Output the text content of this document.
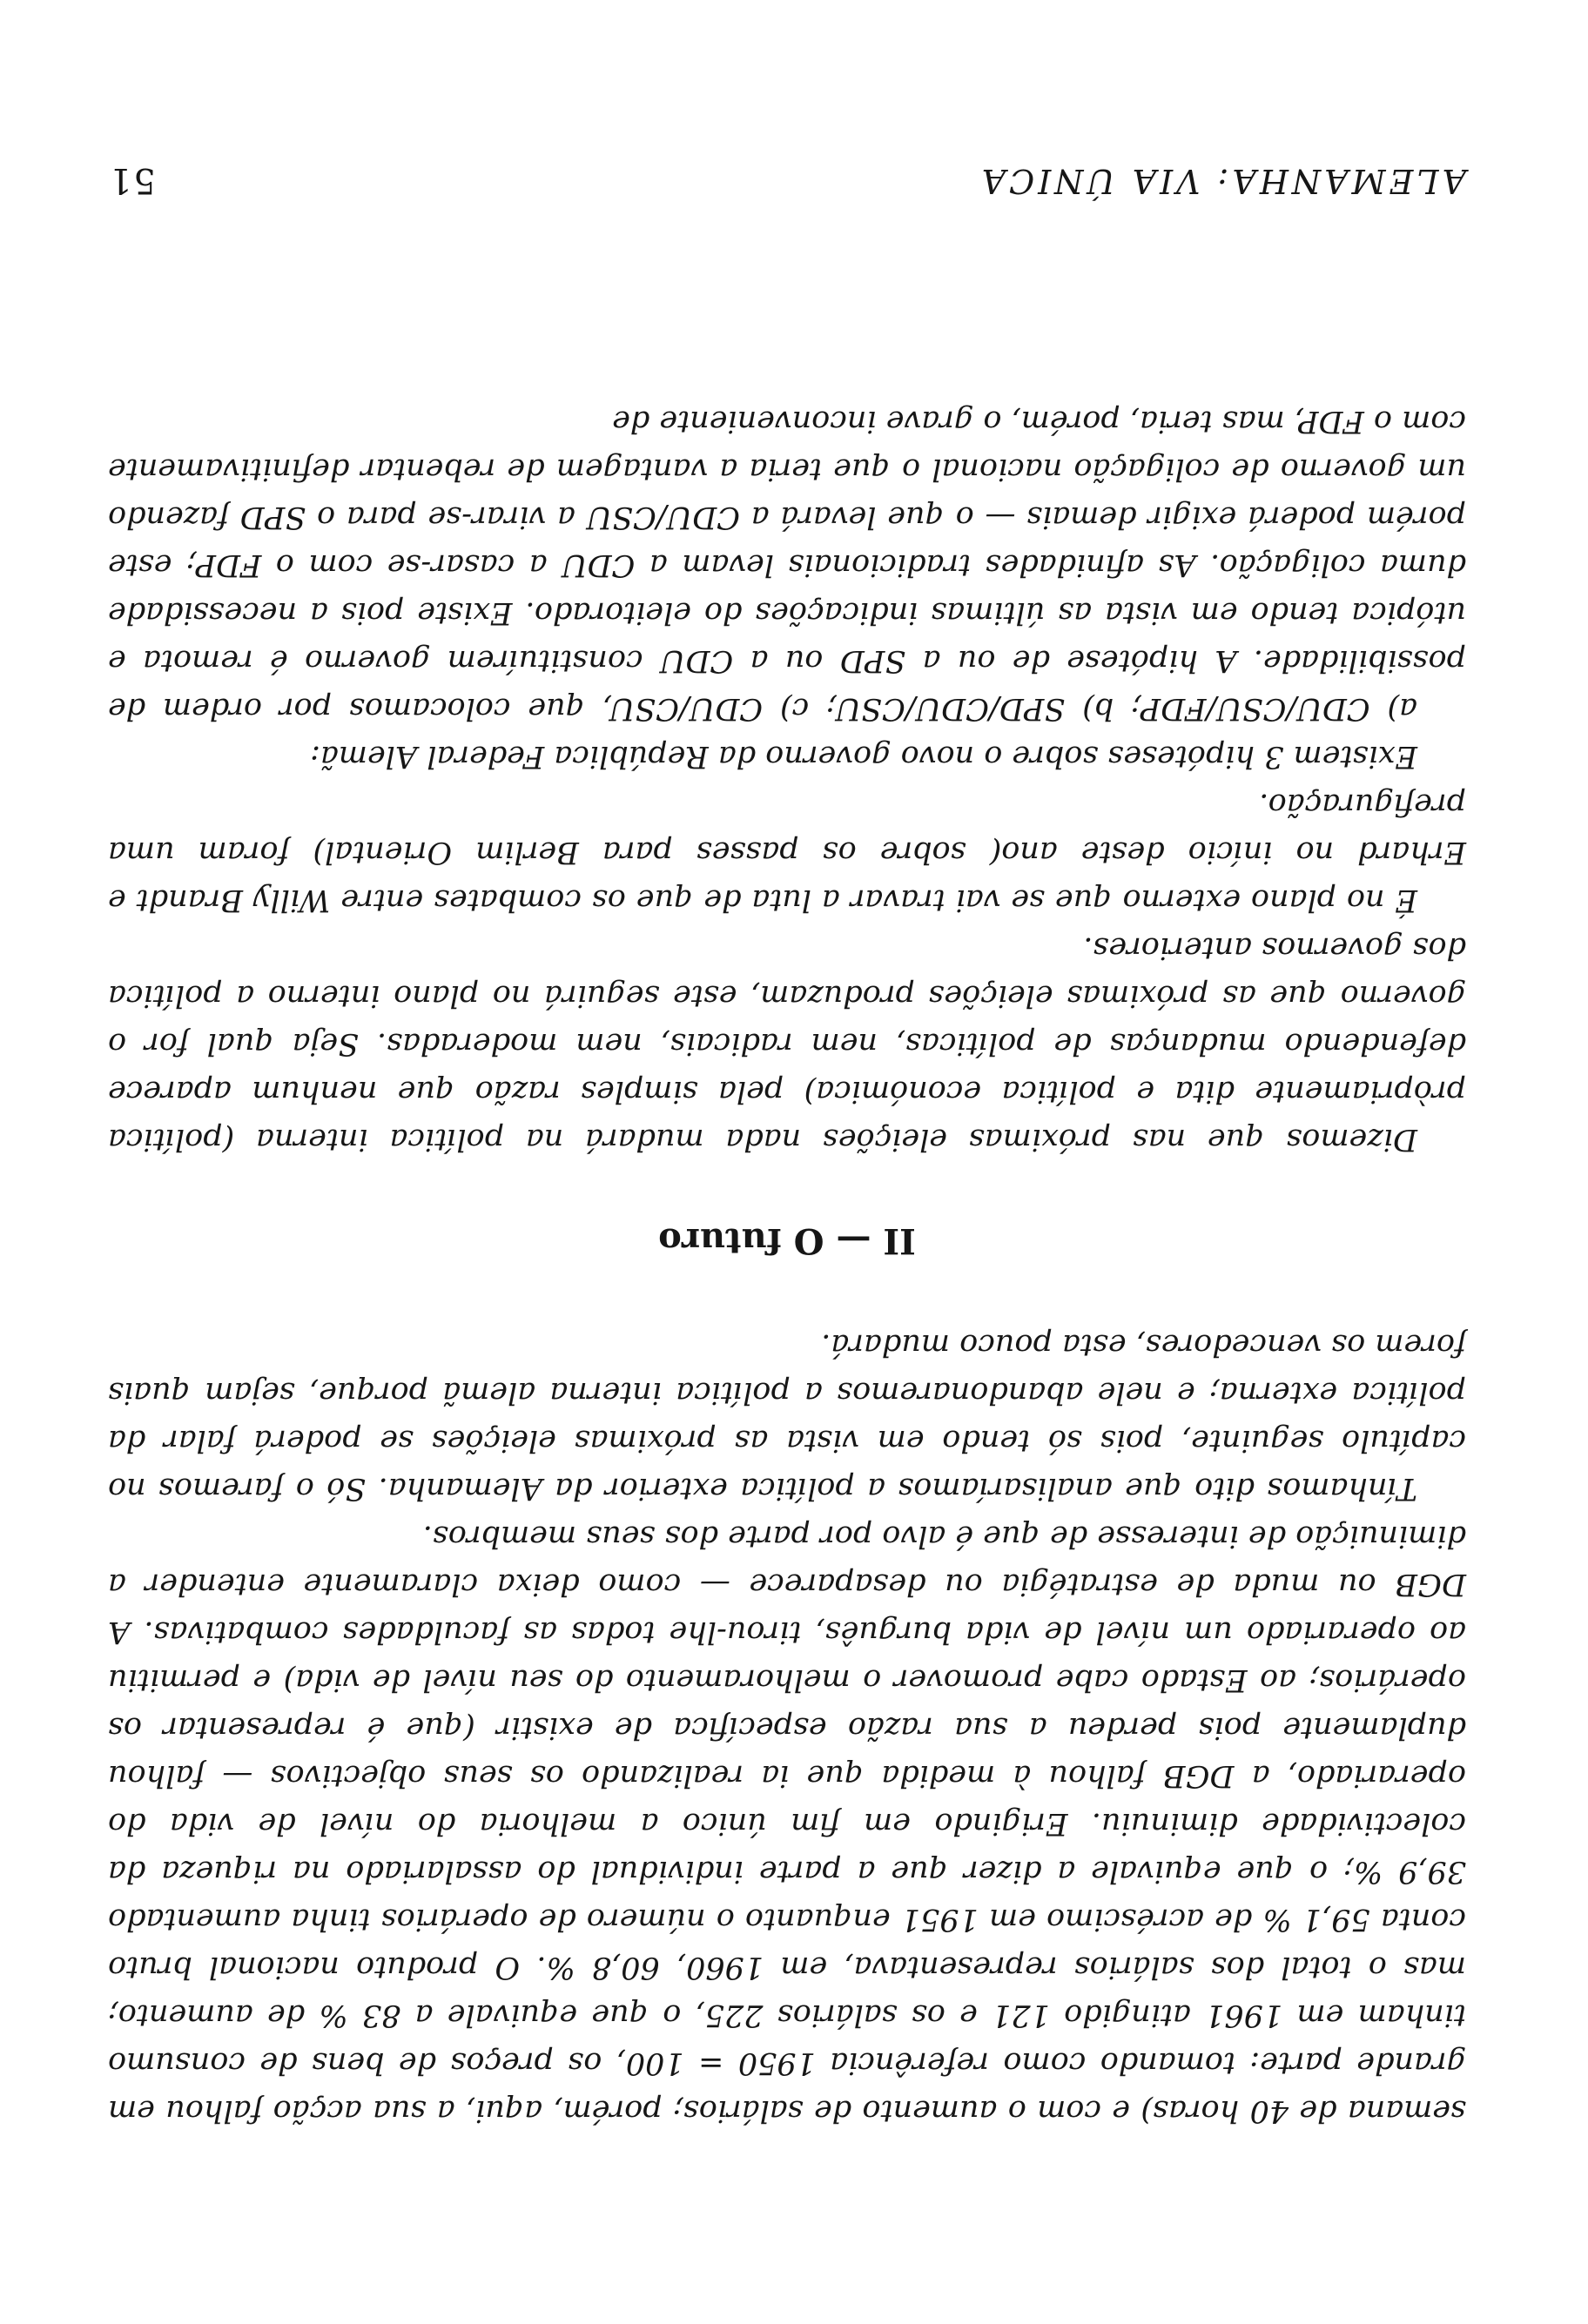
ALEMANHA: VIA ÚNICA
51

semana de 40 horas) e com o aumento de salários; porém, aqui, a sua acção falhou em grande parte: tomando como referência 1950 = 100, os preços de bens de consumo tinham em 1961 atingido 121 e os salários 225, o que equivale a 83 % de aumento; mas o total dos salários representava, em 1960, 60,8 %. O produto nacional bruto conta 59,1 % de acréscimo em 1951 enquanto o número de operários tinha aumentado 39,9 %; o que equivale a dizer que a parte individual do assalariado na riqueza da colectividade diminuiu. Erigindo em fim único a melhoria do nível de vida do operariado, a DGB falhou à medida que ia realizando os seus objectivos — falhou duplamente pois perdeu a sua razão específica de existir (que é representar os operários; ao Estado cabe promover o melhoramento do seu nível de vida) e permitiu ao operariado um nível de vida burguês, tirou-lhe todas as faculdades combativas. A DGB ou muda de estratégia ou desaparece — como deixa claramente entender a diminuição de interesse de que é alvo por parte dos seus membros.

Tínhamos dito que analisaríamos a política exterior da Alemanha. Só o faremos no capítulo seguinte, pois só tendo em vista as próximas eleições se poderá falar da política externa; e nele abandonaremos a política interna alemã porque, sejam quais forem os vencedores, esta pouco mudará.

II — O futuro

Dizemos que nas próximas eleições nada mudará na política interna (política pròpriamente dita e política económica) pela simples razão que nenhum aparece defendendo mudanças de políticas, nem radicais, nem moderadas. Seja qual for o governo que as próximas eleições produzam, este seguirá no plano interno a política dos governos anteriores.

É no plano externo que se vai travar a luta de que os combates entre Willy Brandt e Erhard no início deste ano( sobre os passes para Berlim Oriental) foram uma prefiguração.

Existem 3 hipóteses sobre o novo governo da República Federal Alemã:

a) CDU/CSU/FDP; b) SPD/CDU/CSU; c) CDU/CSU, que colocamos por ordem de possibilidade. A hipótese de ou a SPD ou a CDU constituírem governo é remota e utópica tendo em vista as últimas indicações do eleitorado. Existe pois a necessidade duma coligação. As afinidades tradicionais levam a CDU a casar-se com o FDP; este porém poderá exigir demais — o que levará a CDU/CSU a virar-se para o SPD fazendo um governo de coligação nacional o que teria a vantagem de rebentar definitivamente com o FDP, mas teria, porém, o grave inconveniente de
